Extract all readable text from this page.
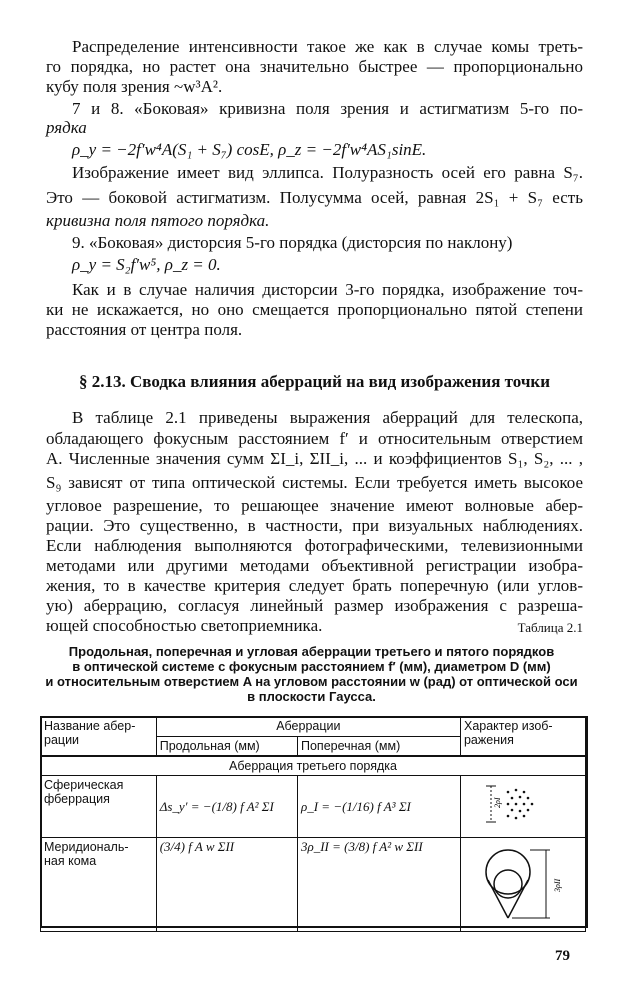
Распределение интенсивности такое же как в случае комы треть-
го порядка, но растет она значительно быстрее — пропорционально
кубу поля зрения ~w³A².
7 и 8. «Боковая» кривизна поля зрения и астигматизм 5-го по-
рядка
ρ_y = −2f′w⁴A(S₁ + S₇) cosE, ρ_z = −2f′w⁴AS₁sinE.
Изображение имеет вид эллипса. Полуразность осей его равна S₇.
Это — боковой астигматизм. Полусумма осей, равная 2S₁ + S₇ есть
кривизна поля пятого порядка.
9. «Боковая» дисторсия 5-го порядка (дисторсия по наклону)
ρ_y = S₂f′w⁵, ρ_z = 0.
Как и в случае наличия дисторсии 3-го порядка, изображение точ-
ки не искажается, но оно смещается пропорционально пятой степени
расстояния от центра поля.
§ 2.13. Сводка влияния аберраций на вид изображения точки
В таблице 2.1 приведены выражения аберраций для телескопа,
обладающего фокусным расстоянием f′ и относительным отверстием
A. Численные значения сумм ΣI_i, ΣII_i, ... и коэффициентов S₁, S₂, ... ,
S₉ зависят от типа оптической системы. Если требуется иметь высокое
угловое разрешение, то решающее значение имеют волновые абер-
рации. Это существенно, в частности, при визуальных наблюдениях.
Если наблюдения выполняются фотографическими, телевизионными
методами или другими методами объективной регистрации изобра-
жения, то в качестве критерия следует брать поперечную (или углов-
ую) аберрацию, согласуя линейный размер изображения с разреша-
ющей способностью светоприемника.	Таблица 2.1
Продольная, поперечная и угловая аберрации третьего и пятого порядков
в оптической системе с фокусным расстоянием f′ (мм), диаметром D (мм)
и относительным отверстием A на угловом расстоянии w (рад) от оптической оси
в плоскости Гаусса.
Название абер-
рации	Аберрации		Характер изоб-
ражения
	Продольная (мм)	Поперечная (мм)	
Аберрация третьего порядка			
Сферическая
фберрация	Δs_y′ = −(1/8) f A² ΣI	ρ_I = −(1/16) f A³ ΣI	2ρI

Меридиональ-
ная кома	(3/4) f A w ΣII	3ρ_II = (3/8) f A² w ΣII	3ρII
79
